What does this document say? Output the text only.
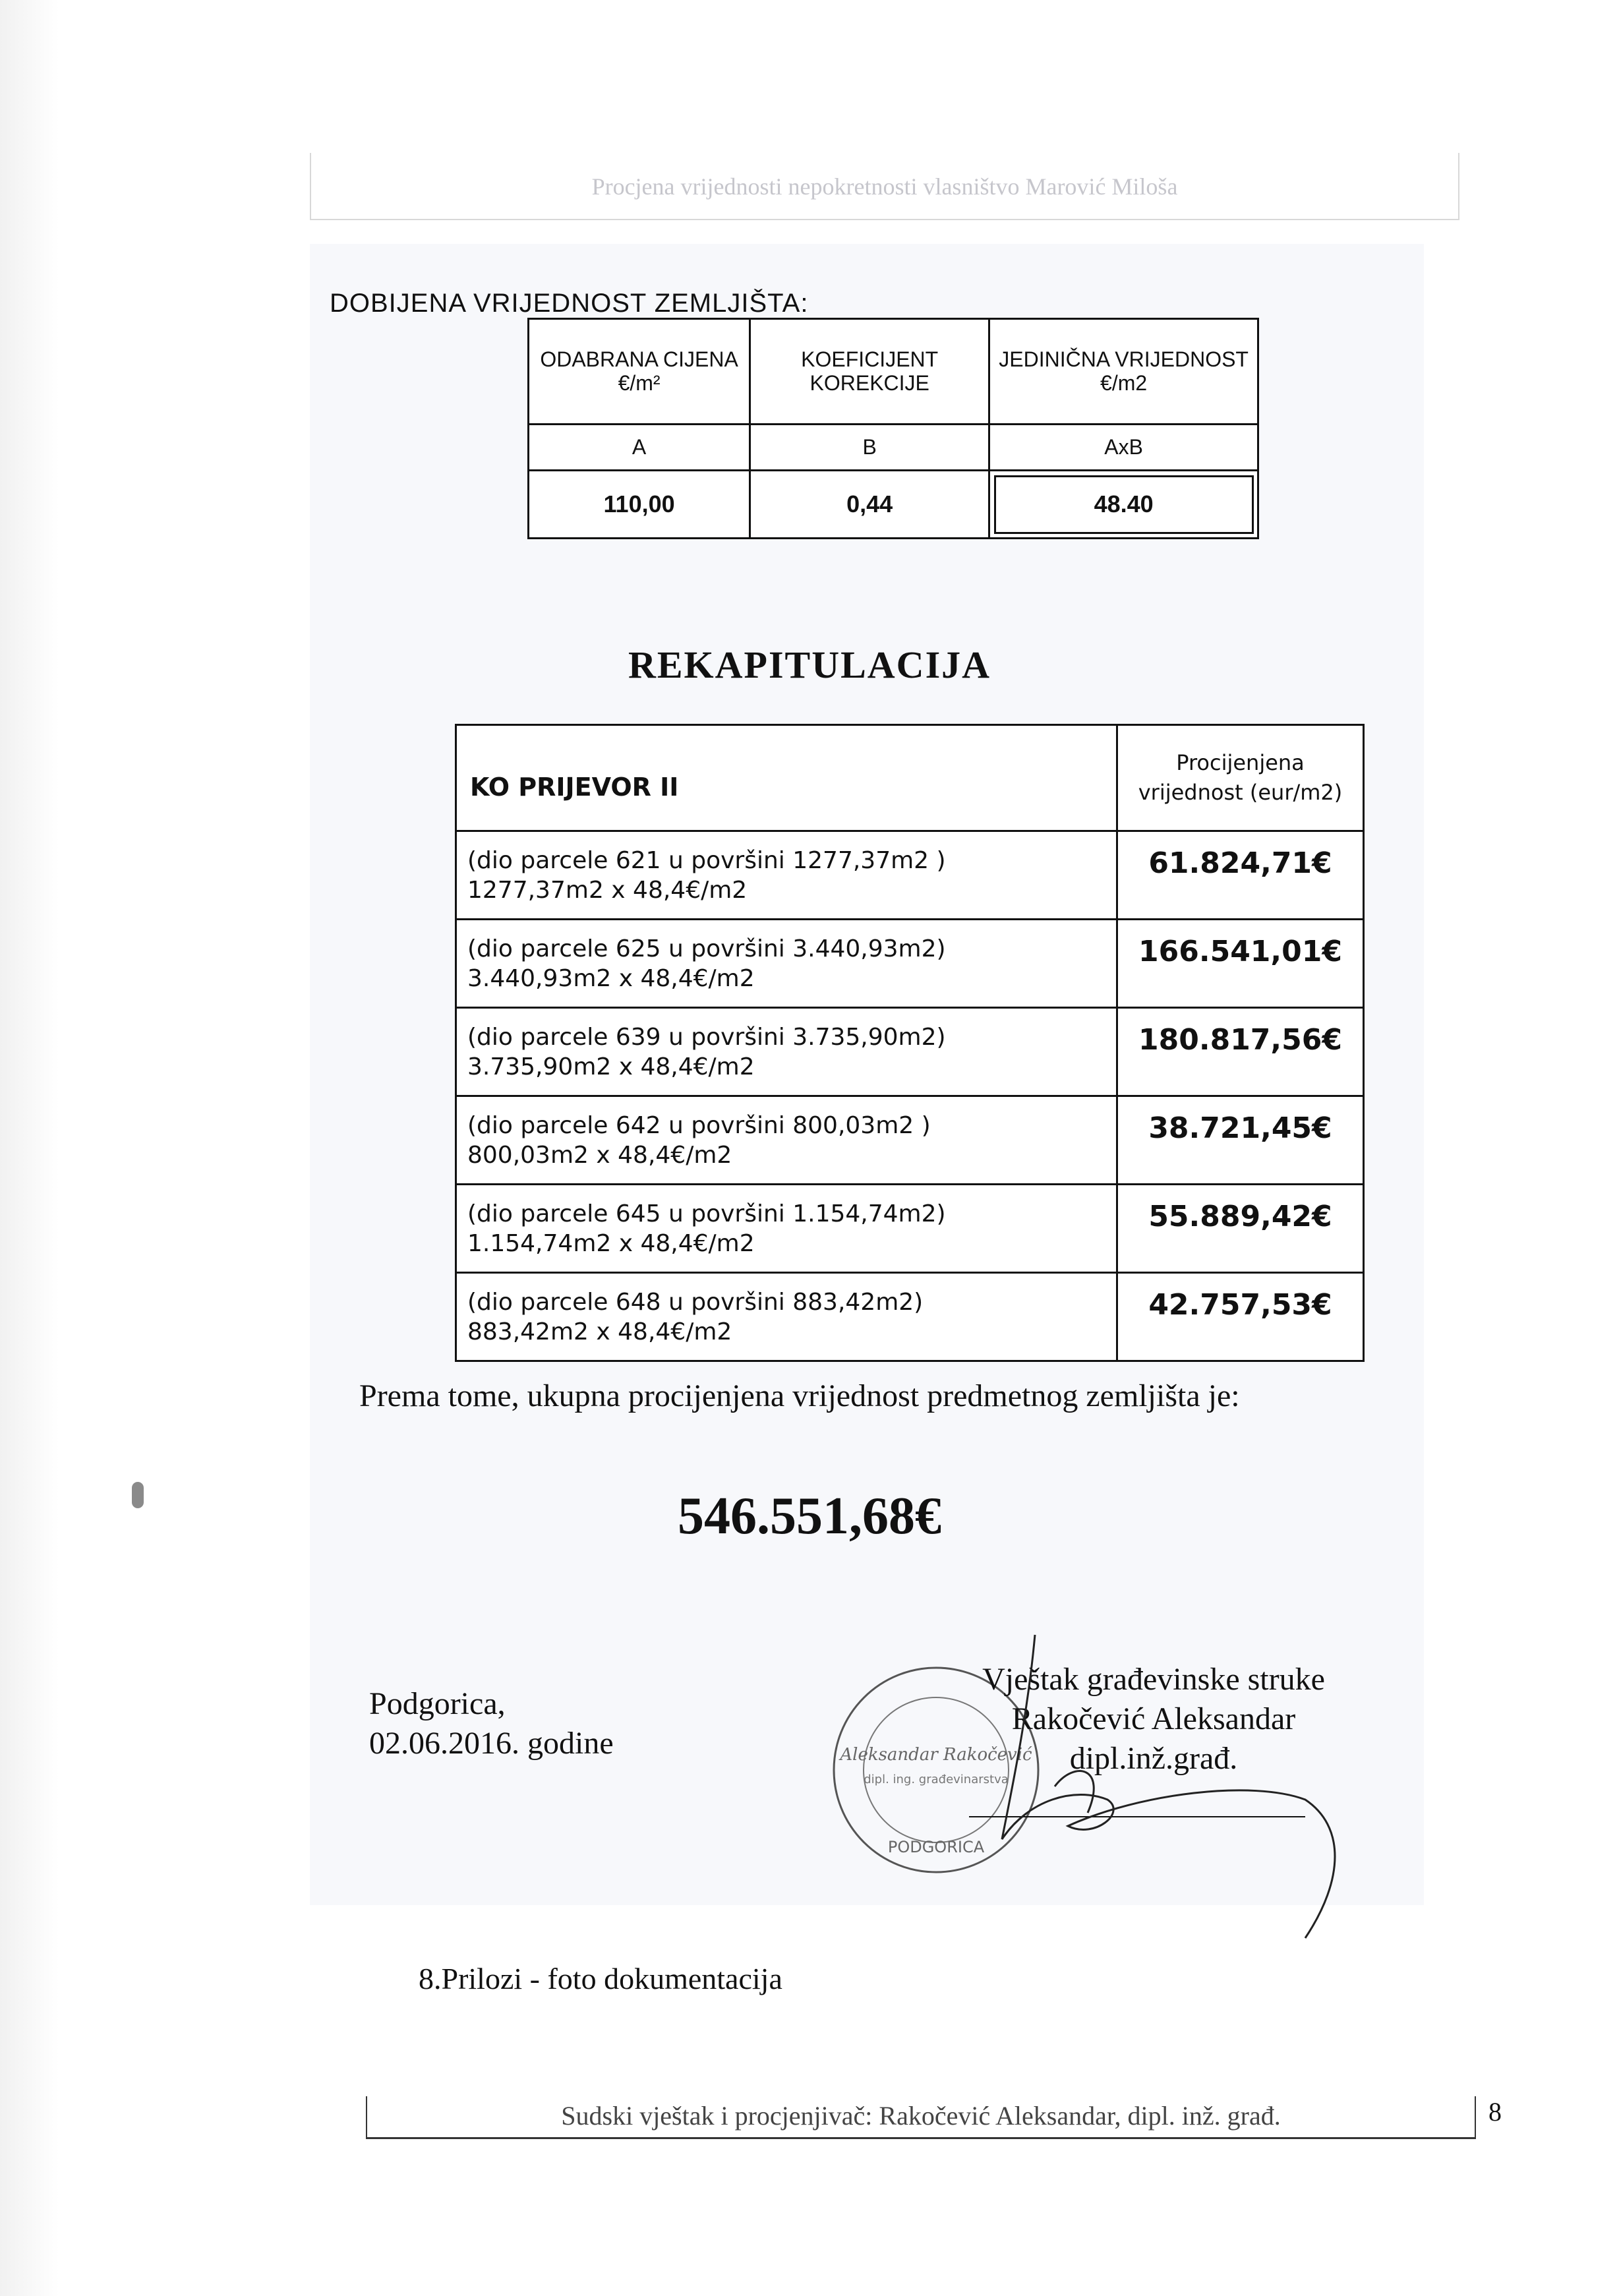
Procjena vrijednosti nepokretnosti vlasništvo Marović Miloša
DOBIJENA VRIJEDNOST ZEMLJIŠTA:
ODABRANA CIJENA €/m²	KOEFICIJENT KOREKCIJE	JEDINIČNA VRIJEDNOST €/m2
A	B	AxB
110,00	0,44	48.40
REKAPITULACIJA
KO PRIJEVOR II	Procijenjena vrijednost (eur/m2)

(dio parcele 621 u površini 1277,37m2 )
1277,37m2 x 48,4€/m2	61.824,71€

(dio parcele 625 u površini 3.440,93m2)
3.440,93m2 x 48,4€/m2	166.541,01€

(dio parcele 639 u površini 3.735,90m2)
3.735,90m2 x 48,4€/m2	180.817,56€

(dio parcele 642 u površini 800,03m2 )
800,03m2 x 48,4€/m2	38.721,45€

(dio parcele 645 u površini 1.154,74m2)
1.154,74m2 x 48,4€/m2	55.889,42€

(dio parcele 648 u površini 883,42m2)
883,42m2 x 48,4€/m2	42.757,53€
Prema tome, ukupna procijenjena vrijednost predmetnog zemljišta je:
546.551,68€
Podgorica,
02.06.2016. godine	Aleksandar Rakočević
dipl. ing. građevinarstva
PODGORICA
Vještak građevinske struke
Rakočević Aleksandar
dipl.inž.građ.
8.Prilozi - foto dokumentacija
Sudski vještak i procjenjivač: Rakočević Aleksandar, dipl. inž. građ.	8
